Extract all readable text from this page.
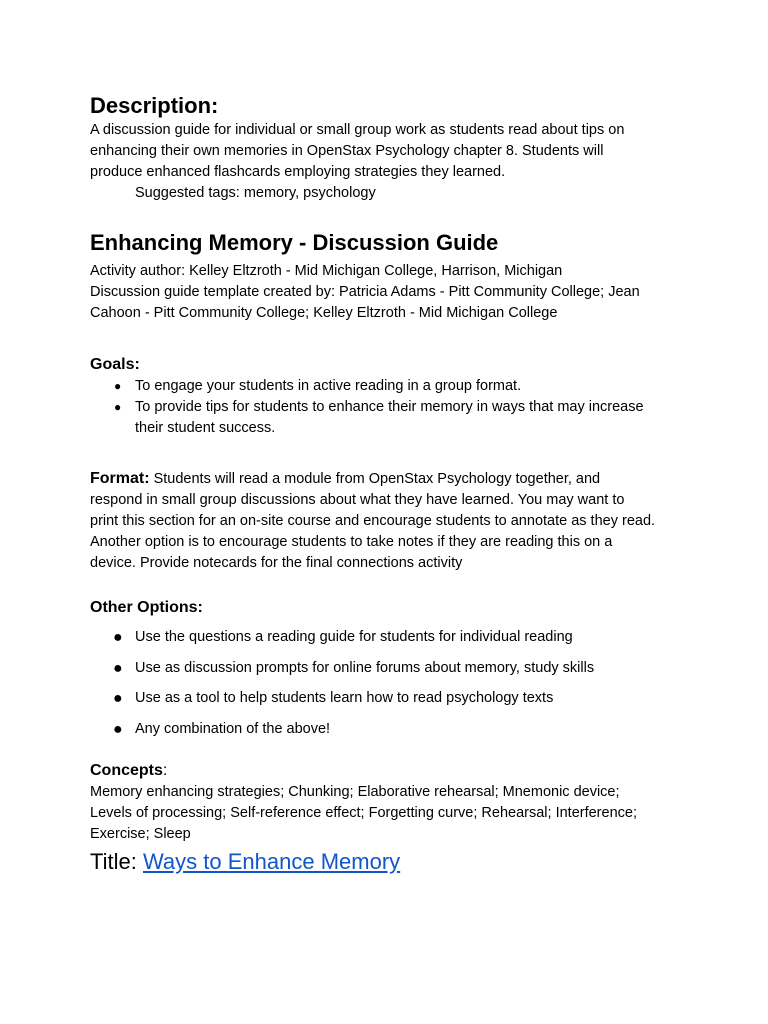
Description:

A discussion guide for individual or small group work as students read about tips on

enhancing their own memories in OpenStax Psychology chapter 8. Students will

produce enhanced flashcards employing strategies they learned.

Suggested tags: memory, psychology

Enhancing Memory - Discussion Guide

Activity author: Kelley Eltzroth - Mid Michigan College, Harrison, Michigan

Discussion guide template created by: Patricia Adams - Pitt Community College; Jean

Cahoon - Pitt Community College; Kelley Eltzroth - Mid Michigan College

Goals:
● To engage your students in active reading in a group format.
● To provide tips for students to enhance their memory in ways that may increase
their student success.

Format: Students will read a module from OpenStax Psychology together, and

respond in small group discussions about what they have learned. You may want to

print this section for an on-site course and encourage students to annotate as they read.

Another option is to encourage students to take notes if they are reading this on a

device. Provide notecards for the final connections activity

Other Options:
● Use the questions a reading guide for students for individual reading
● Use as discussion prompts for online forums about memory, study skills
● Use as a tool to help students learn how to read psychology texts
● Any combination of the above!
Concepts:

Memory enhancing strategies; Chunking; Elaborative rehearsal; Mnemonic device;

Levels of processing; Self-reference effect; Forgetting curve; Rehearsal; Interference;

Exercise; Sleep

Title: Ways to Enhance Memory
